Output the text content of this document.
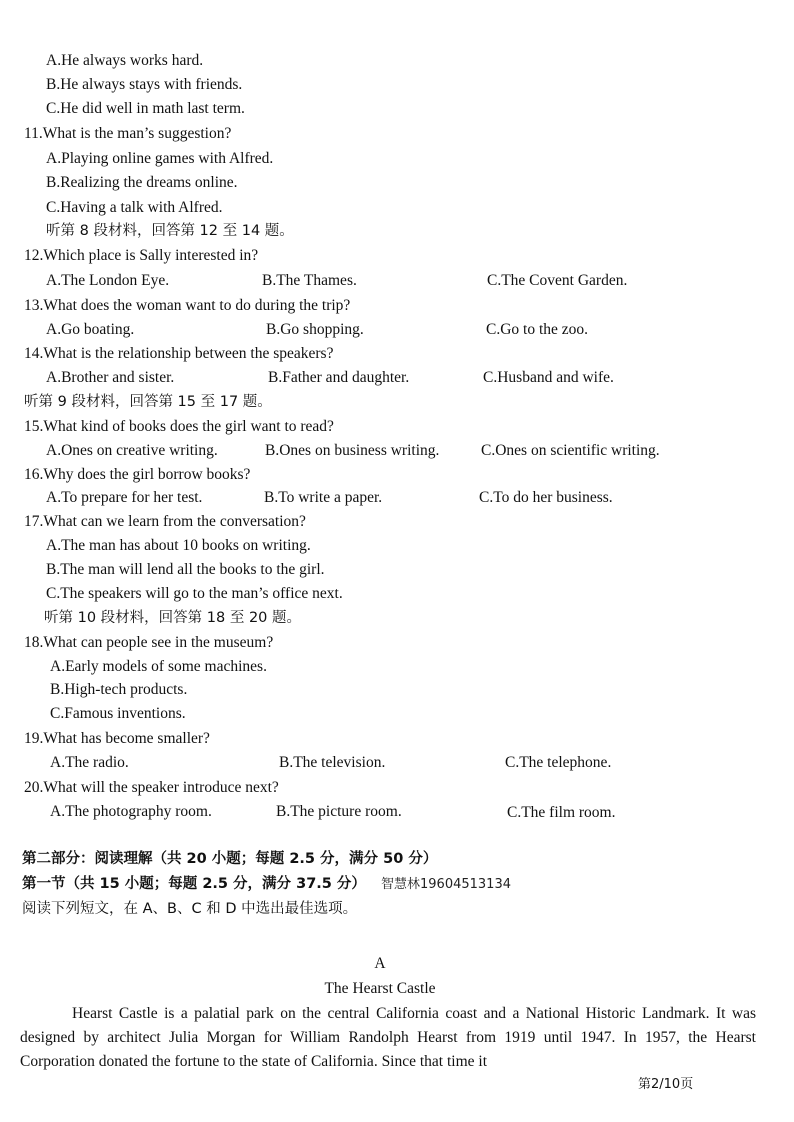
A.He always works hard.
B.He always stays with friends.
C.He did well in math last term.
11.What is the man’s suggestion?
A.Playing online games with Alfred.
B.Realizing the dreams online.
C.Having a talk with Alfred.
听第 8 段材料，回答第 12 至 14 题。
12.Which place is Sally interested in?
A.The London Eye.	B.The Thames.	C.The Covent Garden.
13.What does the woman want to do during the trip?
A.Go boating.	B.Go shopping.	C.Go to the zoo.
14.What is the relationship between the speakers?
A.Brother and sister.	B.Father and daughter.	C.Husband and wife.
听第 9 段材料，回答第 15 至 17 题。
15.What kind of books does the girl want to read?
A.Ones on creative writing.	B.Ones on business writing.	C.Ones on scientific writing.
16.Why does the girl borrow books?
A.To prepare for her test.	B.To write a paper.	C.To do her business.
17.What can we learn from the conversation?
A.The man has about 10 books on writing.
B.The man will lend all the books to the girl.
C.The speakers will go to the man’s office next.
听第 10 段材料，回答第 18 至 20 题。
18.What can people see in the museum?
A.Early models of some machines.
B.High-tech products.
C.Famous inventions.
19.What has become smaller?
A.The radio.	B.The television.	C.The telephone.
20.What will the speaker introduce next?
A.The photography room.	B.The picture room.	C.The film room.
第二部分：阅读理解（共 20 小题；每题 2.5 分，满分 50 分）
第一节（共 15 小题；每题 2.5 分，满分 37.5 分） 智慧林19604513134
阅读下列短文，在 A、B、C 和 D 中选出最佳选项。
A
The Hearst Castle
Hearst Castle is a palatial park on the central California coast and a National Historic Landmark. It was designed by architect Julia Morgan for William Randolph Hearst from 1919 until 1947. In 1957, the Hearst Corporation donated the fortune to the state of California. Since that time it
第2/10页
